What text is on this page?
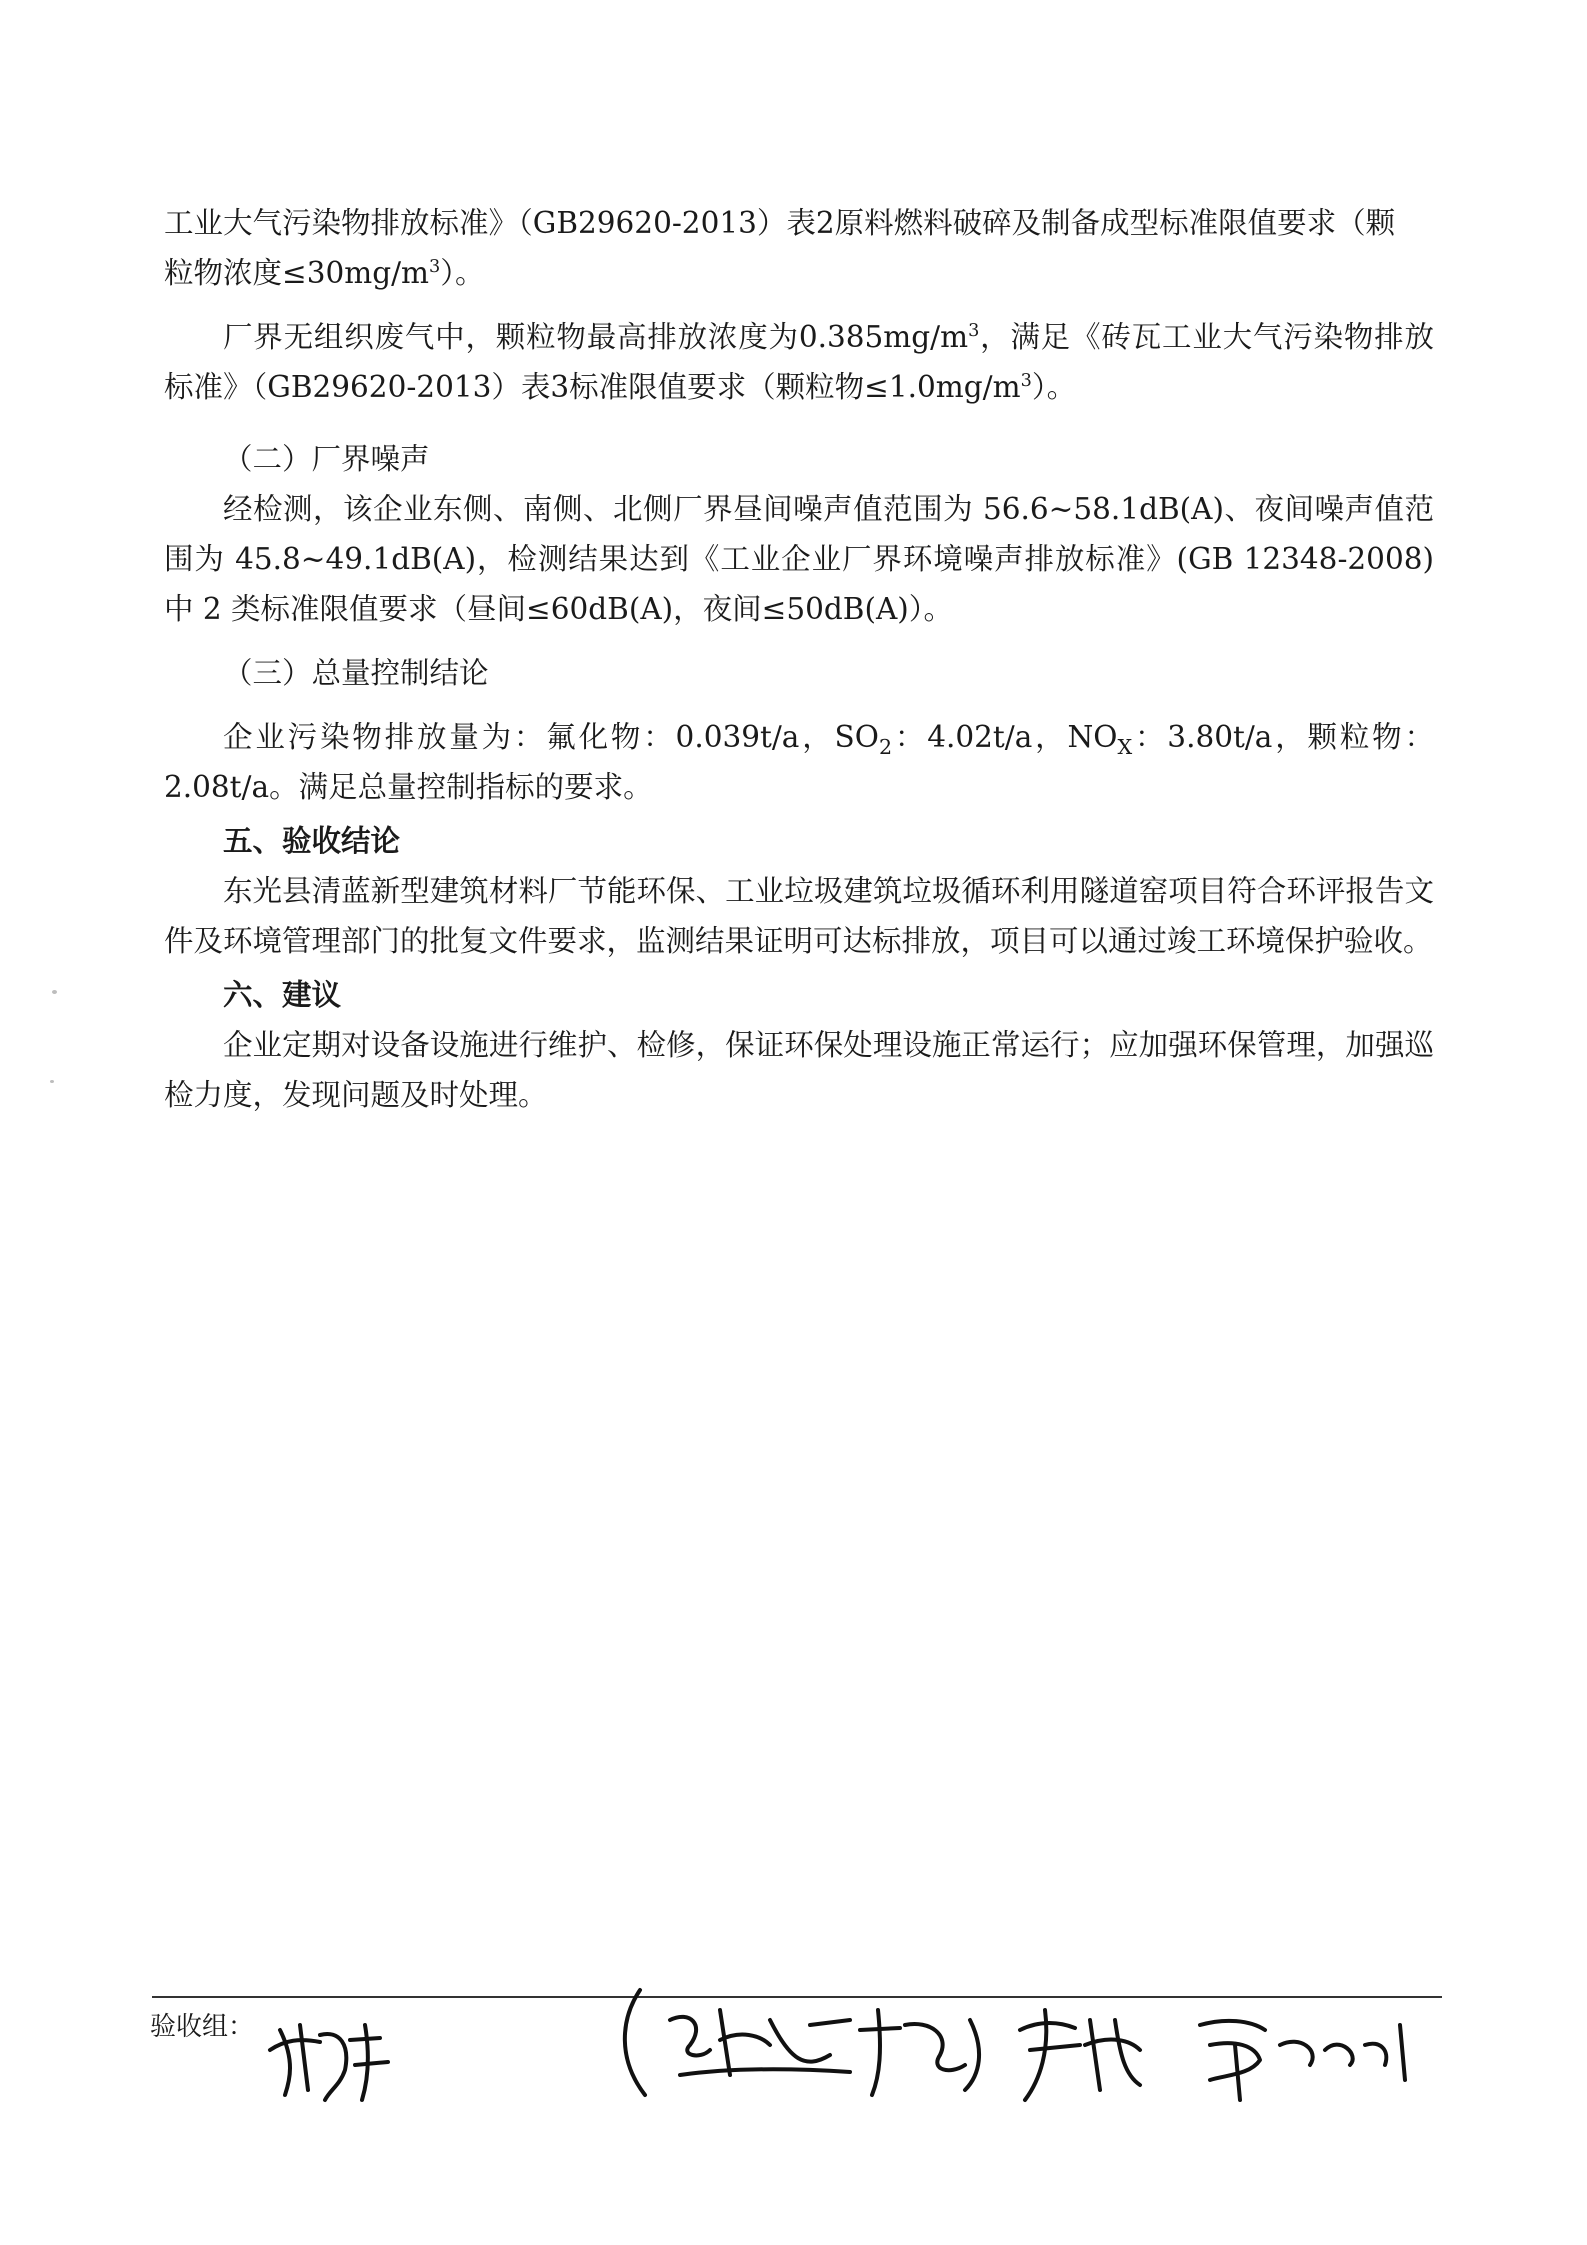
工业大气污染物排放标准》（GB29620-2013）表2原料燃料破碎及制备成型标准限值要求（颗
粒物浓度$\le 30mg/m^3$）。

厂界无组织废气中，颗粒物最高排放浓度为$0.385mg/m^3$，满足《砖瓦工业大气污染物排放标准》（GB29620-2013）表3标准限值要求（颗粒物$\le 1.0mg/m^3$）。

（二）厂界噪声

经检测，该企业东侧、南侧、北侧厂界昼间噪声值范围为 56.6~58.1dB(A)、夜间噪声值范围为 45.8~49.1dB(A)，检测结果达到《工业企业厂界环境噪声排放标准》(GB 12348-2008) 中 2 类标准限值要求（昼间≤60dB(A)，夜间≤50dB(A)）。

（三）总量控制结论

企业污染物排放量为：氟化物：0.039t/a，$SO_2$：4.02t/a，$NO_X$：3.80t/a，颗粒物：2.08t/a。满足总量控制指标的要求。

五、验收结论

东光县清蓝新型建筑材料厂节能环保、工业垃圾建筑垃圾循环利用隧道窑项目符合环评报告文件及环境管理部门的批复文件要求，监测结果证明可达标排放，项目可以通过竣工环境保护验收。

六、建议

企业定期对设备设施进行维护、检修，保证环保处理设施正常运行；应加强环保管理，加强巡检力度，发现问题及时处理。

验收组：
